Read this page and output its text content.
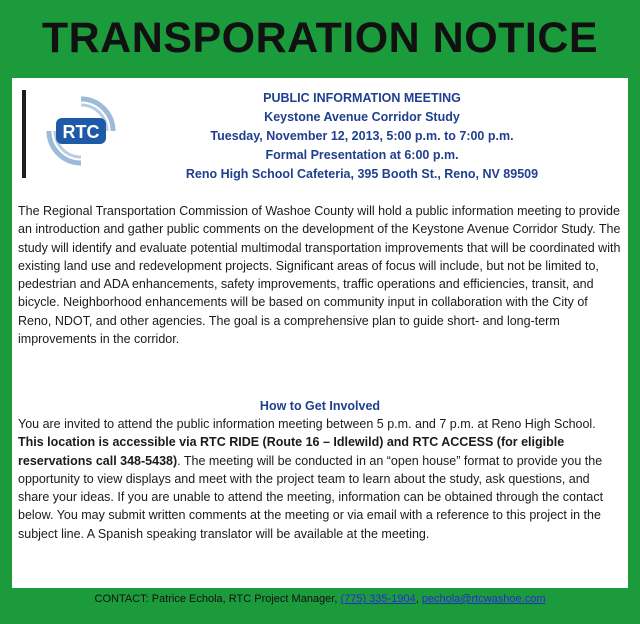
TRANSPORATION NOTICE
RTC
PUBLIC INFORMATION MEETING
Keystone Avenue Corridor Study
Tuesday, November 12, 2013, 5:00 p.m. to 7:00 p.m.
Formal Presentation at 6:00 p.m.
Reno High School Cafeteria, 395 Booth St., Reno, NV 89509
The Regional Transportation Commission of Washoe County will hold a public information meeting to provide an introduction and gather public comments on the development of the Keystone Avenue Corridor Study. The study will identify and evaluate potential multimodal transportation improvements that will be coordinated with existing land use and redevelopment projects. Significant areas of focus will include, but not be limited to, pedestrian and ADA enhancements, safety improvements, traffic operations and efficiencies, transit, and bicycle. Neighborhood enhancements will be based on community input in collaboration with the City of Reno, NDOT, and other agencies. The goal is a comprehensive plan to guide short- and long-term improvements in the corridor.
How to Get Involved
You are invited to attend the public information meeting between 5 p.m. and 7 p.m. at Reno High School. This location is accessible via RTC RIDE (Route 16 – Idlewild) and RTC ACCESS (for eligible reservations call 348-5438). The meeting will be conducted in an “open house” format to provide you the opportunity to view displays and meet with the project team to learn about the study, ask questions, and share your ideas. If you are unable to attend the meeting, information can be obtained through the contact below. You may submit written comments at the meeting or via email with a reference to this project in the subject line. A Spanish speaking translator will be available at the meeting.
CONTACT: Patrice Echola, RTC Project Manager, (775) 335-1904, pechola@rtcwashoe.com
